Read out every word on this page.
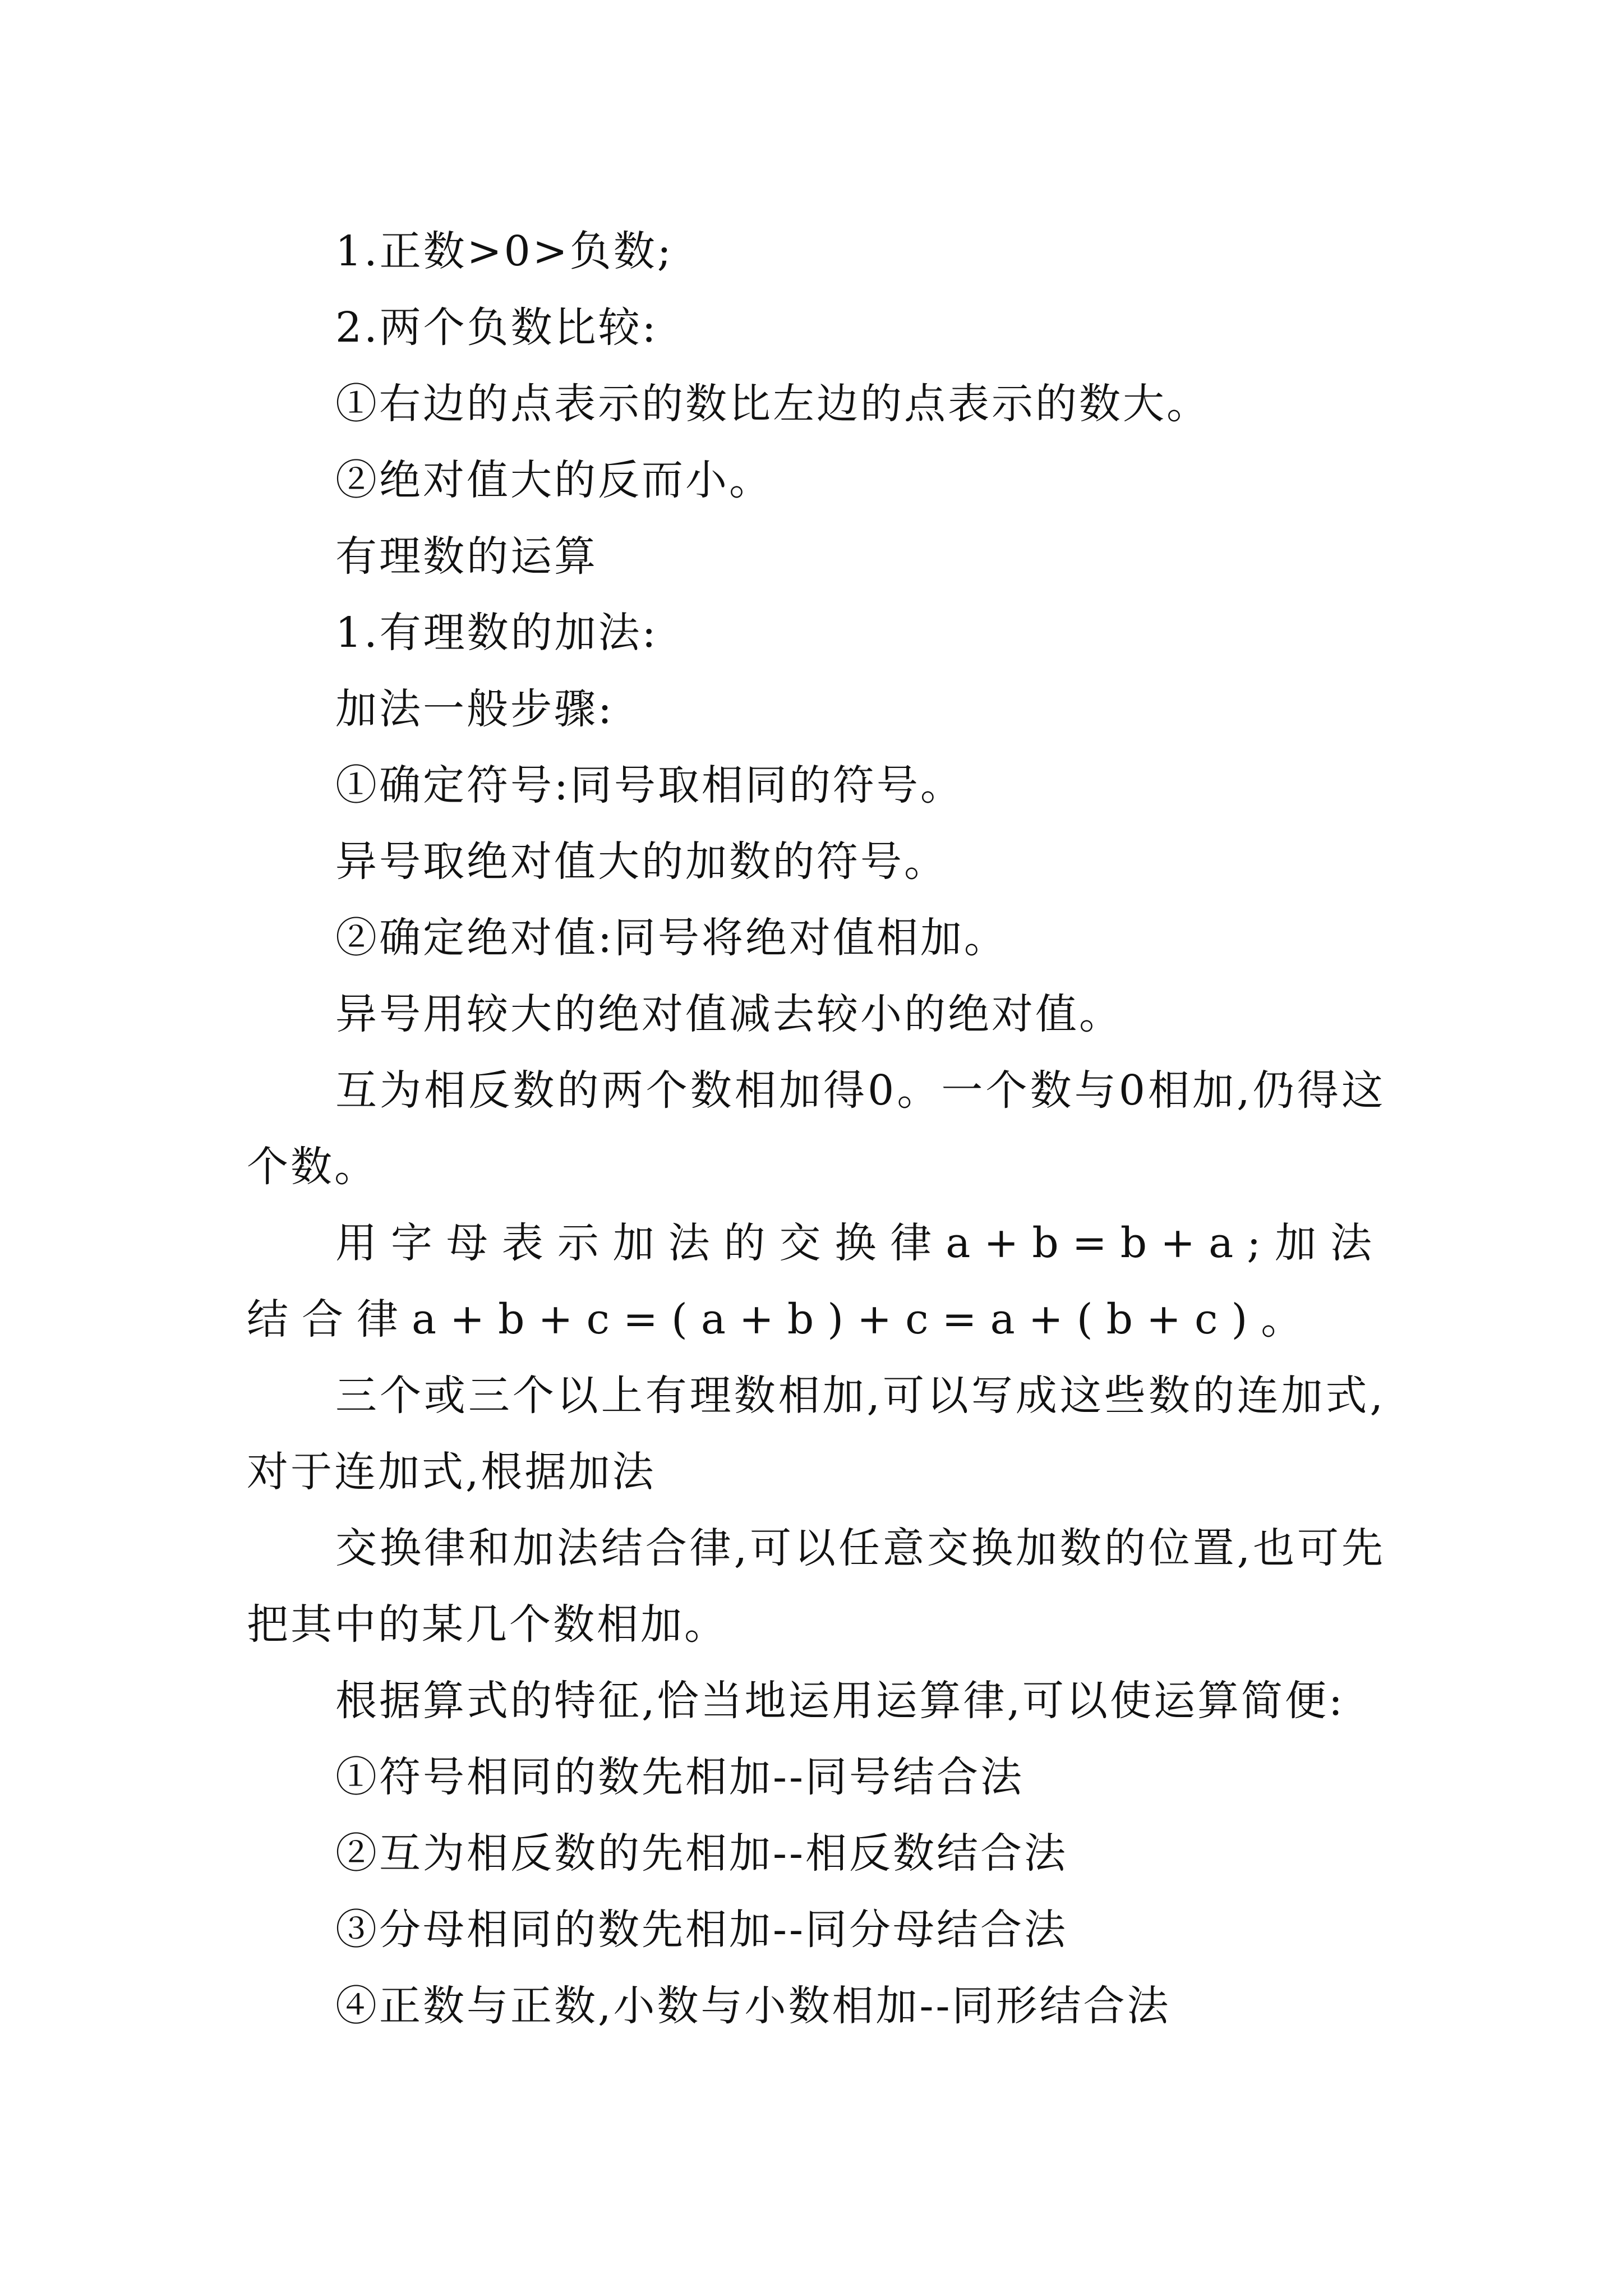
1.正数>0>负数;

2.两个负数比较:

①右边的点表示的数比左边的点表示的数大。

②绝对值大的反而小。

有理数的运算

1.有理数的加法:

加法一般步骤:

①确定符号:同号取相同的符号。

异号取绝对值大的加数的符号。

②确定绝对值:同号将绝对值相加。

异号用较大的绝对值减去较小的绝对值。

互为相反数的两个数相加得0。一个数与0相加,仍得这个数。

用字母表示加法的交换律a+b=b+a;加法结合律a+b+c=(a+b)+c=a+(b+c)。

三个或三个以上有理数相加,可以写成这些数的连加式,对于连加式,根据加法

交换律和加法结合律,可以任意交换加数的位置,也可先把其中的某几个数相加。

根据算式的特征,恰当地运用运算律,可以使运算简便:

①符号相同的数先相加--同号结合法

②互为相反数的先相加--相反数结合法

③分母相同的数先相加--同分母结合法

④正数与正数,小数与小数相加--同形结合法
